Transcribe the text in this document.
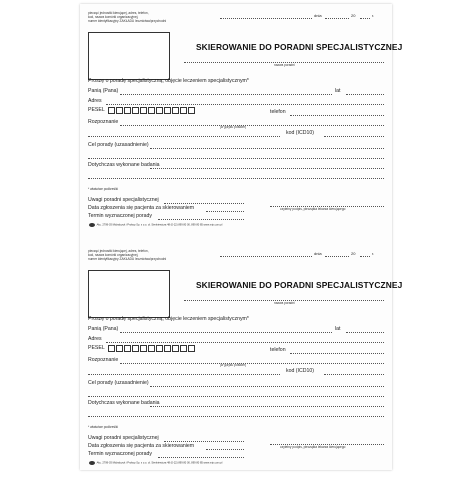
pieczęć jednostki kierującej, adres, telefon,
kod, nazwa komórki organizacyjnej,
numer identyfikacyjny ZAKŁADU lecznictwa/przychodni
dnia	20	r.
SKIEROWANIE DO PORADNI SPECJALISTYCZNEJ
nazwa poradni
Proszę o poradę specjalistyczną, objęcie leczeniem specjalistycznym*
Panią (Pana)	lat
Adres
PESEL	telefon
Rozpoznanie
(w języku polskim)
kod (ICD10)
Cel porady (uzasadnienie)
Dotychczas wykonane badania
* właściwe podkreślić
Uwagi poradni specjalistycznej
Data zgłoszenia się pacjenta za skierowaniem
Termin wyznaczonej porady
czytelny podpis, pieczątka lekarza kierującego
Akc. 2799-03 Michalczyk i Prokop Sp. z o.o. ul. Sienkiewicza 48 (0-22) 899 80 00, 899 80 85 www.mip.com.pl
pieczęć jednostki kierującej, adres, telefon,
kod, nazwa komórki organizacyjnej,
numer identyfikacyjny ZAKŁADU lecznictwa/przychodni
dnia	20	r.
SKIEROWANIE DO PORADNI SPECJALISTYCZNEJ
nazwa poradni
Proszę o poradę specjalistyczną, objęcie leczeniem specjalistycznym*
Panią (Pana)	lat
Adres
PESEL	telefon
Rozpoznanie
(w języku polskim)
kod (ICD10)
Cel porady (uzasadnienie)
Dotychczas wykonane badania
* właściwe podkreślić
Uwagi poradni specjalistycznej
Data zgłoszenia się pacjenta za skierowaniem
Termin wyznaczonej porady
czytelny podpis, pieczątka lekarza kierującego
Akc. 2799-03 Michalczyk i Prokop Sp. z o.o. ul. Sienkiewicza 48 (0-22) 899 80 00, 899 80 85 www.mip.com.pl
